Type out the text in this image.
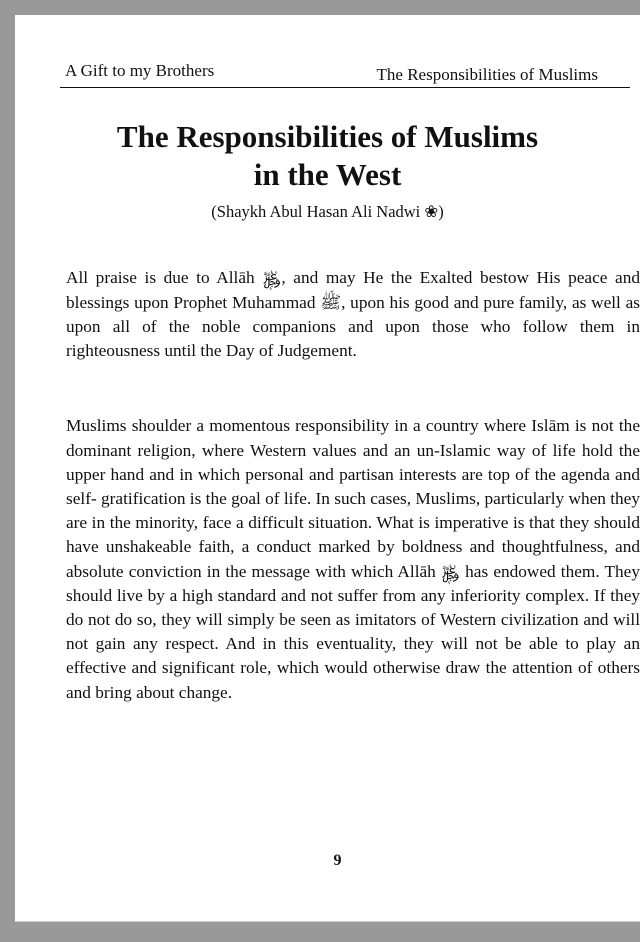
A Gift to my Brothers	The Responsibilities of Muslims
The Responsibilities of Muslims
in the West
(Shaykh Abul Hasan Ali Nadwi ❀)

All praise is due to Allāh ﷿, and may He the Exalted bestow His peace and blessings upon Prophet Muhammad ﷺ, upon his good and pure family, as well as upon all of the noble companions and upon those who follow them in righteousness until the Day of Judgement.

Muslims shoulder a momentous responsibility in a country where Islām is not the dominant religion, where Western values and an un-Islamic way of life hold the upper hand and in which personal and partisan interests are top of the agenda and self- gratification is the goal of life. In such cases, Muslims, particularly when they are in the minority, face a difficult situation. What is imperative is that they should have unshakeable faith, a conduct marked by boldness and thoughtfulness, and absolute conviction in the message with which Allāh ﷿ has endowed them. They should live by a high standard and not suffer from any inferiority complex. If they do not do so, they will simply be seen as imitators of Western civilization and will not gain any respect. And in this eventuality, they will not be able to play an effective and significant role, which would otherwise draw the attention of others and bring about change.

9
